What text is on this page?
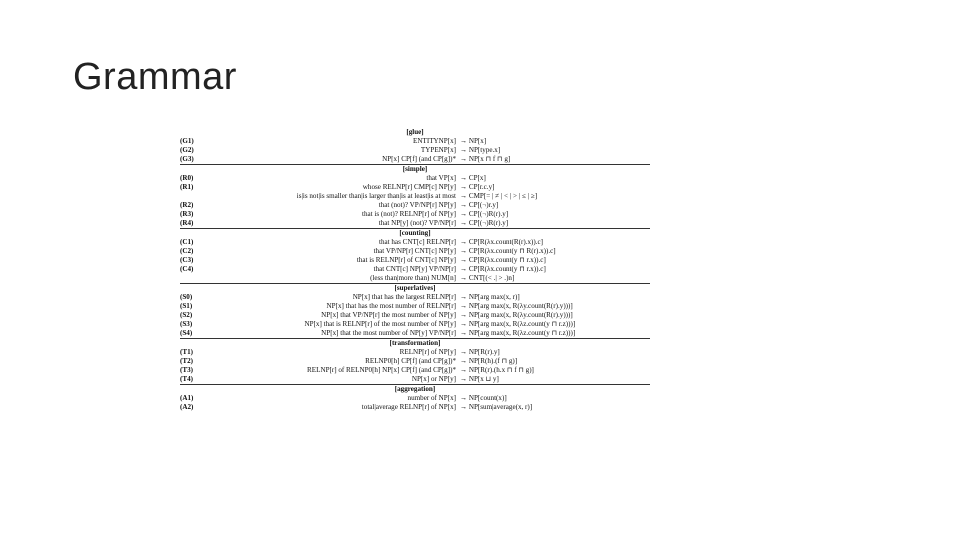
Grammar
[glue]
(G1)	ENTITYNP[x] → NP[x]
(G2)	TYPENP[x] → NP[type.x]
(G3)	NP[x] CP[f] (and CP[g])* → NP[x ⊓ f ⊓ g]
[simple]
(R0)	that VP[x] → CP[x]
(R1)	whose RELNP[r] CMP[c] NP[y] → CP[r.c.y]
is|is not|is smaller than|is larger than|is at least|is at most → CMP[= | ≠ | < | > | ≤ | ≥]
(R2)	that (not)? VP/NP[r] NP[y] → CP[(¬)r.y]
(R3)	that is (not)? RELNP[r] of NP[y] → CP[(¬)R(r).y]
(R4)	that NP[y] (not)? VP/NP[r] → CP[(¬)R(r).y]
[counting]
(C1)	that has CNT[c] RELNP[r] → CP[R(λx.count(R(r).x)).c]
(C2)	that VP/NP[r] CNT[c] NP[y] → CP[R(λx.count(y ⊓ R(r).x)).c]
(C3)	that is RELNP[r] of CNT[c] NP[y] → CP[R(λx.count(y ⊓ r.x)).c]
(C4)	that CNT[c] NP[y] VP/NP[r] → CP[R(λx.count(y ⊓ r.x)).c]
(less than|more than) NUM[n] → CNT[(< .| > .)n]
[superlatives]
(S0)	NP[x] that has the largest RELNP[r] → NP[arg max(x, r)]
(S1)	NP[x] that has the most number of RELNP[r] → NP[arg max(x, R(λy.count(R(r).y)))]
(S2)	NP[x] that VP/NP[r] the most number of NP[y] → NP[arg max(x, R(λy.count(R(r).y)))]
(S3)	NP[x] that is RELNP[r] of the most number of NP[y] → NP[arg max(x, R(λz.count(y ⊓ r.z)))]
(S4)	NP[x] that the most number of NP[y] VP/NP[r] → NP[arg max(x, R(λz.count(y ⊓ r.z)))]
[transformation]
(T1)	RELNP[r] of NP[y] → NP[R(r).y]
(T2)	RELNP0[h] CP[f] (and CP[g])* → NP[R(h).(f ⊓ g)]
(T3)	RELNP[r] of RELNP0[h] NP[x] CP[f] (and CP[g])* → NP[R(r).(h.x ⊓ f ⊓ g)]
(T4)	NP[x] or NP[y] → NP[x ⊔ y]
[aggregation]
(A1)	number of NP[x] → NP[count(x)]
(A2)	total|average RELNP[r] of NP[x] → NP[sum|average(x, r)]
